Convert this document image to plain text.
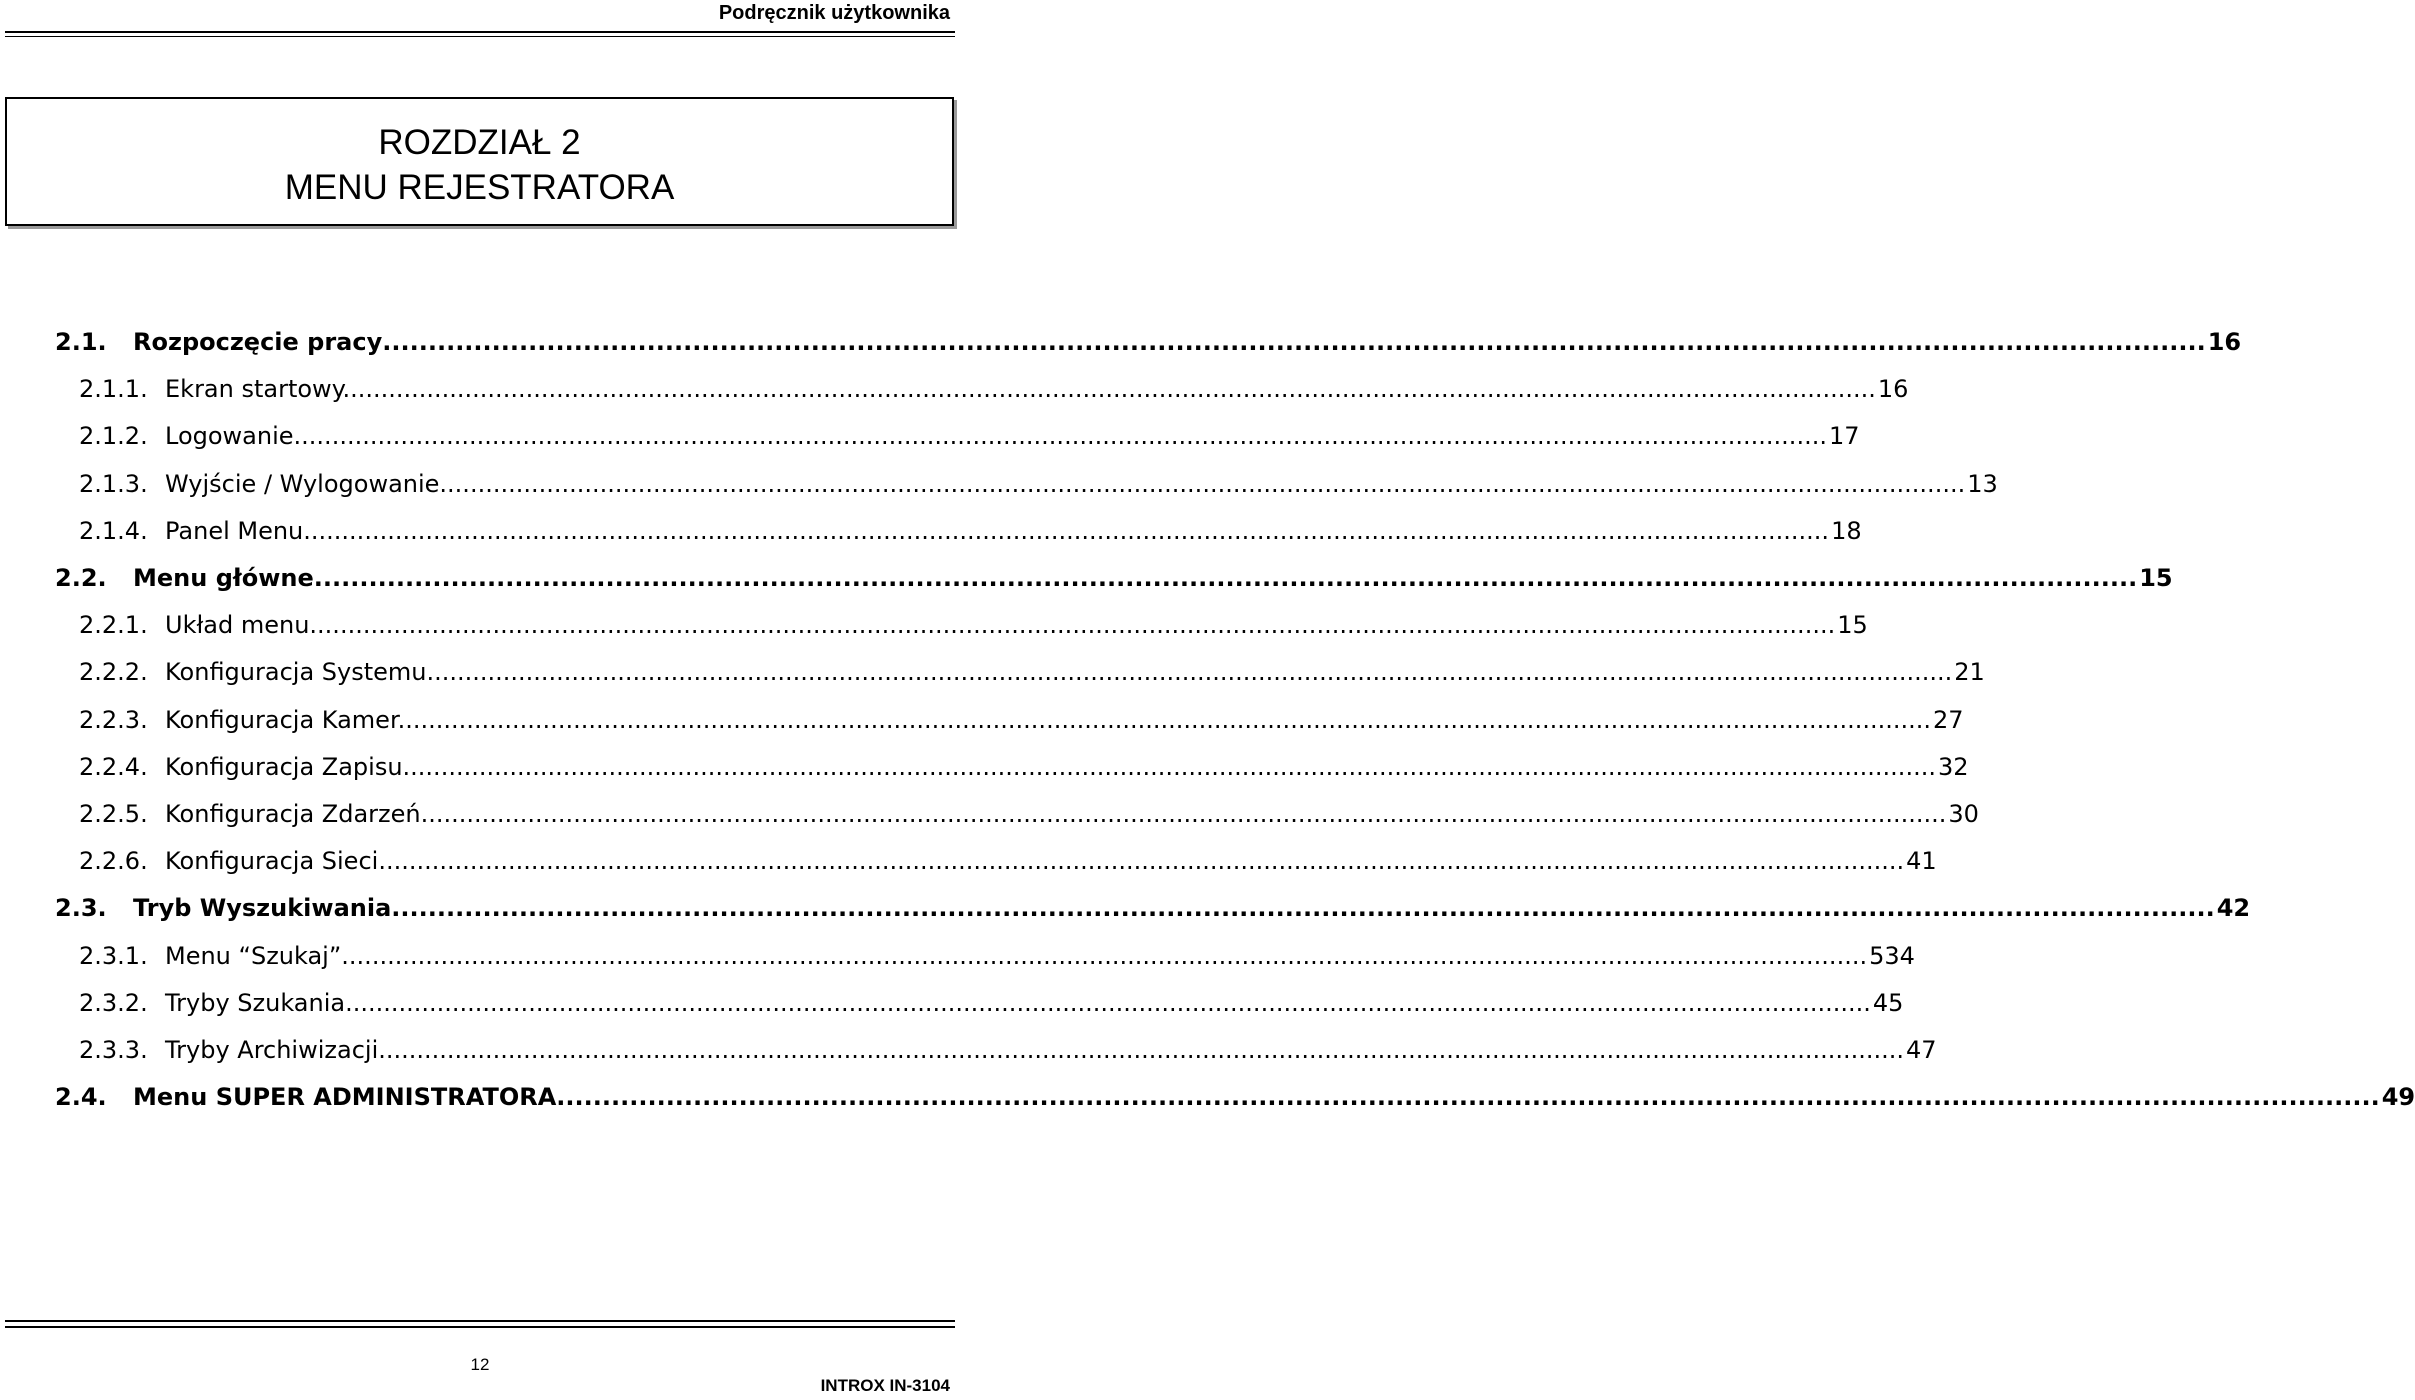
Podręcznik użytkownika
ROZDZIAŁ 2
MENU REJESTRATORA
2.1.	Rozpoczęcie pracy ........................................................................................................................................................................................................ 16
2.1.1. Ekran startowy. ........................................................................................................................................................................................................ 16
2.1.2. Logowanie. ........................................................................................................................................................................................................ 17
2.1.3. Wyjście / Wylogowanie ........................................................................................................................................................................................................ 13
2.1.4. Panel Menu ........................................................................................................................................................................................................ 18
2.2.	Menu główne ........................................................................................................................................................................................................ 15
2.2.1. Układ menu ........................................................................................................................................................................................................ 15
2.2.2. Konfiguracja Systemu ........................................................................................................................................................................................................ 21
2.2.3. Konfiguracja Kamer. ........................................................................................................................................................................................................ 27
2.2.4. Konfiguracja Zapisu. ........................................................................................................................................................................................................ 32
2.2.5. Konfiguracja Zdarzeń ........................................................................................................................................................................................................ 30
2.2.6. Konfiguracja Sieci ........................................................................................................................................................................................................ 41
2.3.	Tryb Wyszukiwania ........................................................................................................................................................................................................ 42
2.3.1. Menu “Szukaj” ........................................................................................................................................................................................................ 534
2.3.2. Tryby Szukania ........................................................................................................................................................................................................ 45
2.3.3. Tryby Archiwizacji ........................................................................................................................................................................................................ 47
2.4.	Menu SUPER ADMINISTRATORA ........................................................................................................................................................................................................ 49
12
INTROX IN-3104
